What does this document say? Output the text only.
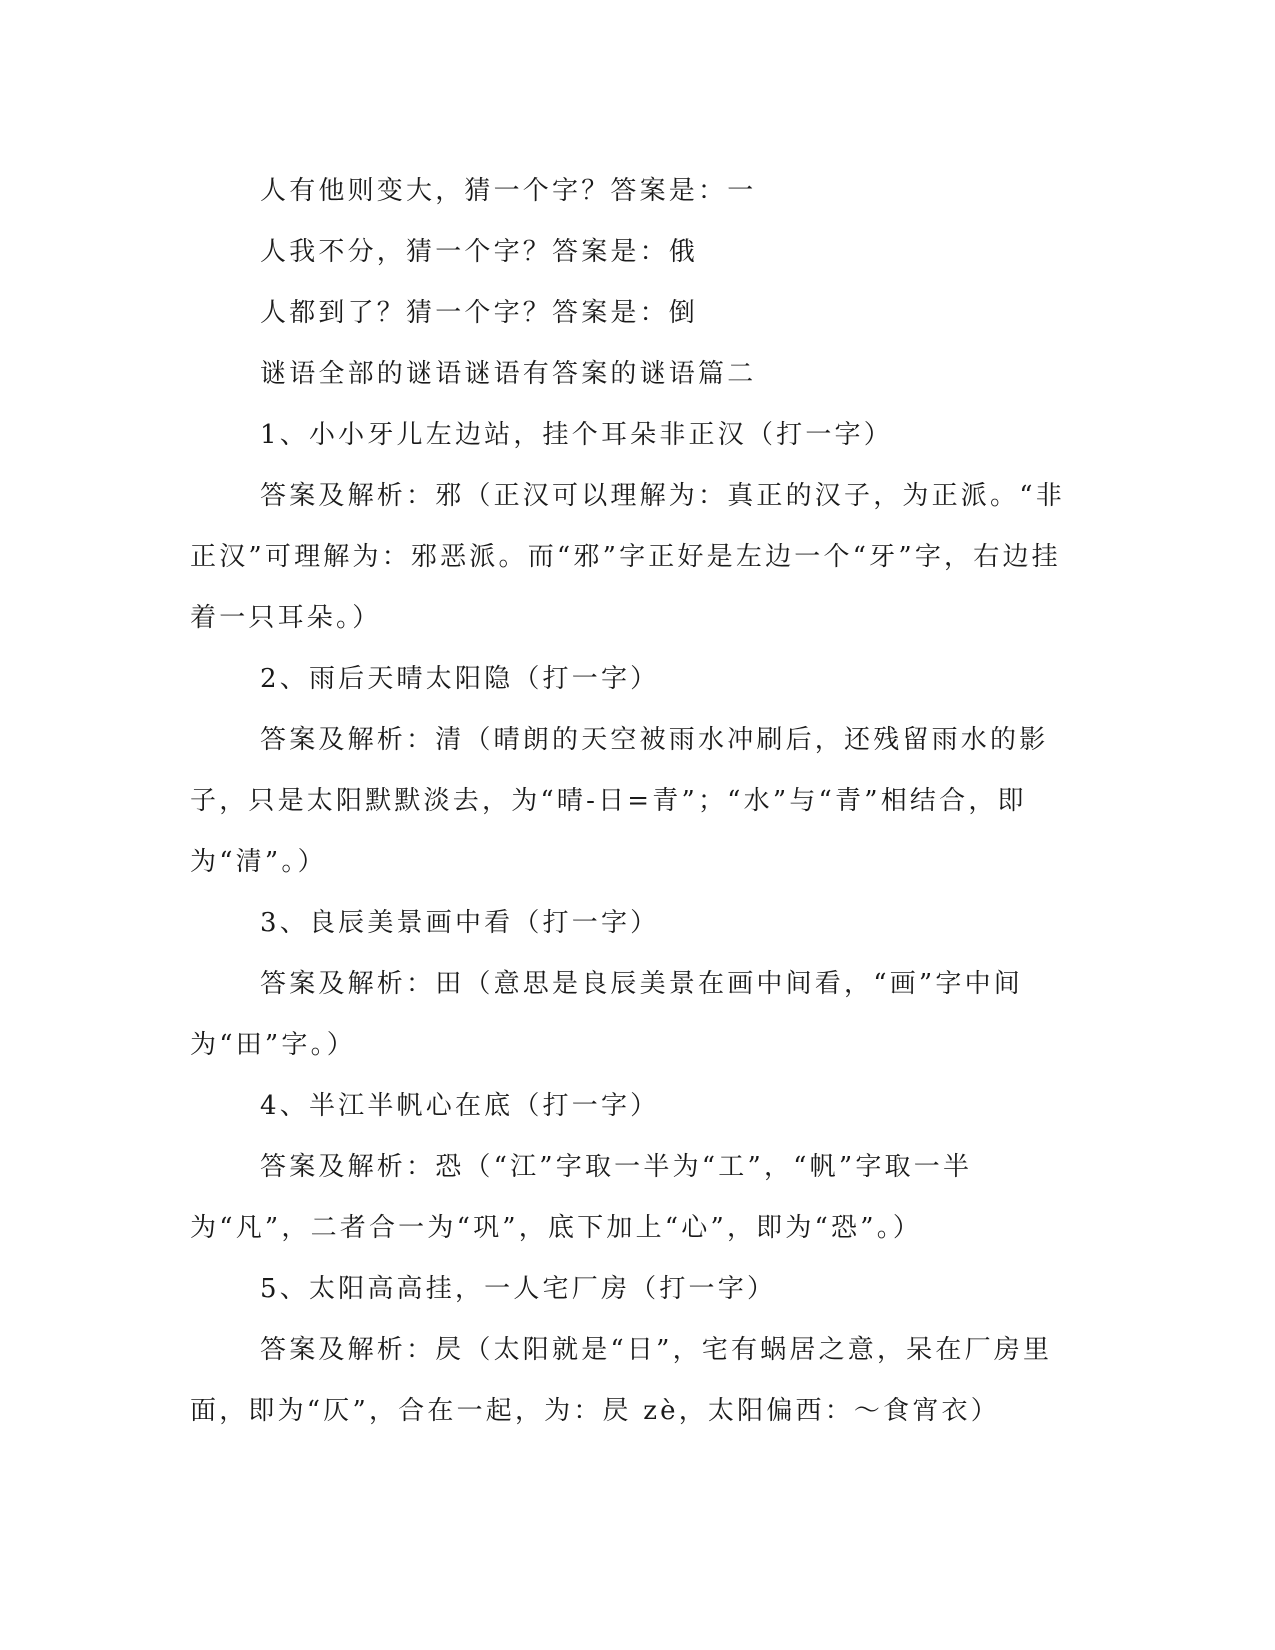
人有他则变大，猜一个字？答案是：一

人我不分，猜一个字？答案是：俄

人都到了？猜一个字？答案是：倒

谜语全部的谜语谜语有答案的谜语篇二

1、小小牙儿左边站，挂个耳朵非正汉（打一字）

答案及解析：邪（正汉可以理解为：真正的汉子，为正派。“非正汉”可理解为：邪恶派。而“邪”字正好是左边一个“牙”字，右边挂着一只耳朵。）

2、雨后天晴太阳隐（打一字）

答案及解析：清（晴朗的天空被雨水冲刷后，还残留雨水的影子，只是太阳默默淡去，为“晴-日=青”；“水”与“青”相结合，即为“清”。）

3、良辰美景画中看（打一字）

答案及解析：田（意思是良辰美景在画中间看，“画”字中间为“田”字。）

4、半江半帆心在底（打一字）

答案及解析：恐（“江”字取一半为“工”，“帆”字取一半为“凡”，二者合一为“巩”，底下加上“心”，即为“恐”。）

5、太阳高高挂，一人宅厂房（打一字）

答案及解析：昃（太阳就是“日”，宅有蜗居之意，呆在厂房里面，即为“仄”，合在一起，为：昃 zè，太阳偏西：～食宵衣）
